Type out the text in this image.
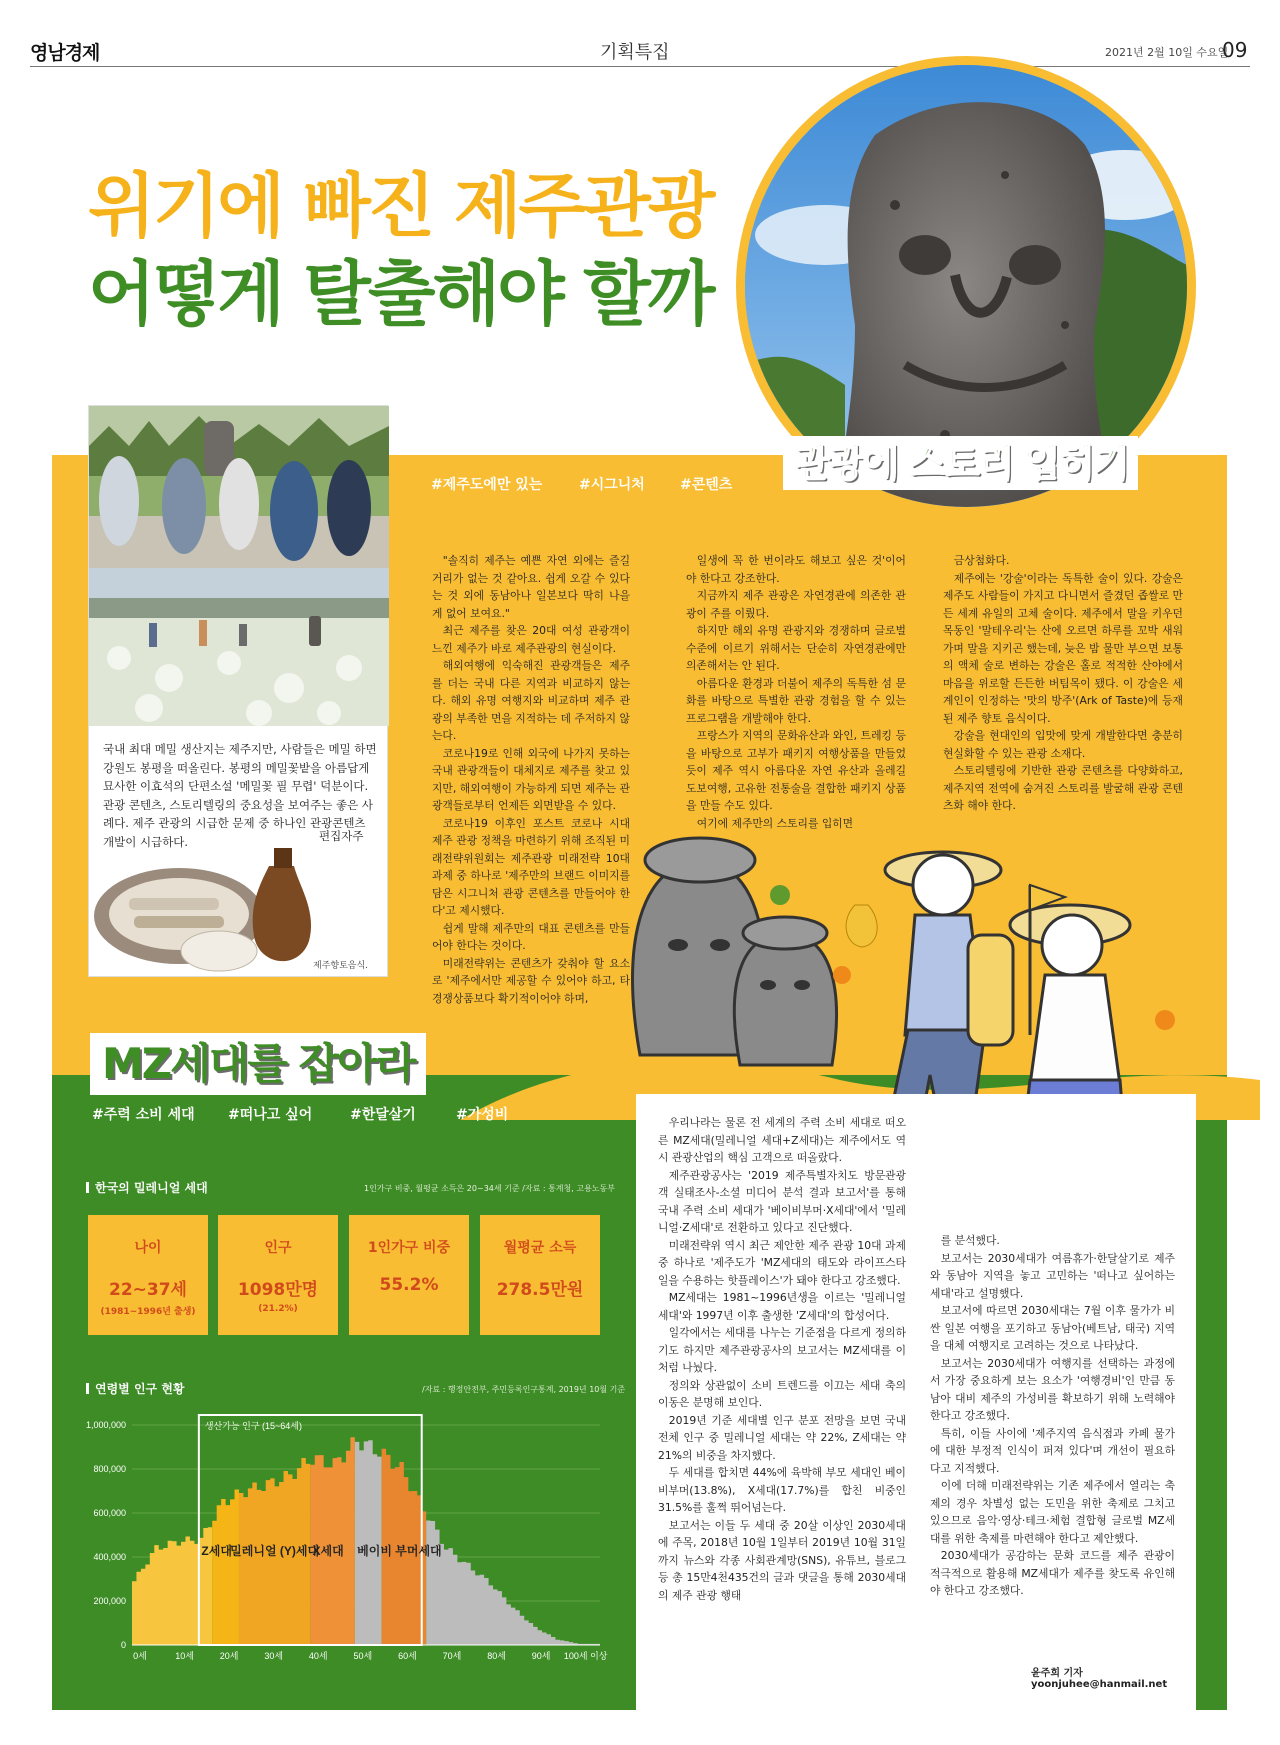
영남경제	기획특집	2021년 2월 10일 수요일
09
위기에 빠진 제주관광
어떻게 탈출해야 할까
관광에 스토리 입히기
국내 최대 메밀 생산지는 제주지만, 사람들은 메밀 하면 강원도 봉평을 떠올린다. 봉평의 메밀꽃밭을 아름답게 묘사한 이효석의 단편소설 '메밀꽃 필 무렵' 덕분이다. 관광 콘텐츠, 스토리텔링의 중요성을 보여주는 좋은 사례다. 제주 관광의 시급한 문제 중 하나인 관광콘텐츠 개발이 시급하다.	편집자주
제주향토음식.
#제주도에만 있는	#시그니처	#콘텐츠

"솔직히 제주는 예쁜 자연 외에는 즐길 거리가 없는 것 같아요. 쉽게 오갈 수 있다는 것 외에 동남아나 일본보다 딱히 나을 게 없어 보여요."

최근 제주를 찾은 20대 여성 관광객이 느낀 제주가 바로 제주관광의 현실이다.

해외여행에 익숙해진 관광객들은 제주를 더는 국내 다른 지역과 비교하지 않는다. 해외 유명 여행지와 비교하며 제주 관광의 부족한 면을 지적하는 데 주저하지 않는다.

코로나19로 인해 외국에 나가지 못하는 국내 관광객들이 대체지로 제주를 찾고 있지만, 해외여행이 가능하게 되면 제주는 관광객들로부터 언제든 외면받을 수 있다.

코로나19 이후인 포스트 코로나 시대 제주 관광 정책을 마련하기 위해 조직된 미래전략위원회는 제주관광 미래전략 10대 과제 중 하나로 '제주만의 브랜드 이미지를 담은 시그니처 관광 콘텐츠를 만들어야 한다'고 제시했다.

쉽게 말해 제주만의 대표 콘텐츠를 만들어야 한다는 것이다.

미래전략위는 콘텐츠가 갖춰야 할 요소로 '제주에서만 제공할 수 있어야 하고, 타 경쟁상품보다 확기적이어야 하며,

일생에 꼭 한 번이라도 해보고 싶은 것'이어야 한다고 강조한다.

지금까지 제주 관광은 자연경관에 의존한 관광이 주를 이뤘다.

하지만 해외 유명 관광지와 경쟁하며 글로벌 수준에 이르기 위해서는 단순히 자연경관에만 의존해서는 안 된다.

아름다운 환경과 더불어 제주의 독특한 섬 문화를 바탕으로 특별한 관광 경험을 할 수 있는 프로그램을 개발해야 한다.

프랑스가 지역의 문화유산과 와인, 트레킹 등을 바탕으로 고부가 패키지 여행상품을 만들었듯이 제주 역시 아름다운 자연 유산과 올레길 도보여행, 고유한 전통술을 결합한 패키지 상품을 만들 수도 있다.

여기에 제주만의 스토리를 입히면

금상첨화다.

제주에는 '강술'이라는 독특한 술이 있다. 강술은 제주도 사람들이 가지고 다니면서 즐겼던 좁쌀로 만든 세계 유일의 고체 술이다. 제주에서 말을 키우던 목동인 '말테우리'는 산에 오르면 하루를 꼬박 새워가며 말을 지키곤 했는데, 늦은 밤 물만 부으면 보통의 액체 술로 변하는 강술은 홀로 적적한 산야에서 마음을 위로할 든든한 버팀목이 됐다. 이 강술은 세계인이 인정하는 '맛의 방주'(Ark of Taste)에 등재된 제주 향토 음식이다.

강술을 현대인의 입맛에 맞게 개발한다면 충분히 현실화할 수 있는 관광 소재다.

스토리텔링에 기반한 관광 콘텐츠를 다양화하고, 제주지역 전역에 숨겨진 스토리를 발굴해 관광 콘텐츠화 해야 한다.

MZ세대를 잡아라
#주력 소비 세대 #떠나고 싶어	#한달살기	#가성비
한국의 밀레니얼 세대	1인가구 비중, 월평균 소득은 20~34세 기준 /자료 : 통계청, 고용노동부
나이
22~37세
(1981~1996년 출생)
인구
1098만명
(21.2%)
1인가구 비중
55.2%
월평균 소득
278.5만원
연령별 인구 현황	/자료 : 행정안전부, 주민등록인구통계, 2019년 10월 기준
1,000,000
800,000
600,000
400,000
200,000
0
생산가능 인구 (15~64세)
Z세대
밀레니얼 (Y)세대
X세대 베이비 부머세대
0세	10세	20세	30세	40세	50세	60세	70세	80세	90세 100세 이상

우리나라는 물론 전 세계의 주력 소비 세대로 떠오른 MZ세대(밀레니얼 세대+Z세대)는 제주에서도 역시 관광산업의 핵심 고객으로 떠올랐다.

제주관광공사는 '2019 제주특별자치도 방문관광객 실태조사-소셜 미디어 분석 결과 보고서'를 통해 국내 주력 소비 세대가 '베이비부머·X세대'에서 '밀레니얼·Z세대'로 전환하고 있다고 진단했다.

미래전략위 역시 최근 제안한 제주 관광 10대 과제 중 하나로 '제주도가 'MZ세대의 태도와 라이프스타일을 수용하는 핫플레이스'가 돼야 한다고 강조했다.

MZ세대는 1981~1996년생을 이르는 '밀레니얼 세대'와 1997년 이후 출생한 'Z세대'의 합성어다.

일각에서는 세대를 나누는 기준점을 다르게 정의하기도 하지만 제주관광공사의 보고서는 MZ세대를 이처럼 나눴다.

정의와 상관없이 소비 트렌드를 이끄는 세대 축의 이동은 분명해 보인다.

2019년 기준 세대별 인구 분포 전망을 보면 국내 전체 인구 중 밀레니얼 세대는 약 22%, Z세대는 약 21%의 비중을 차지했다.

두 세대를 합치면 44%에 육박해 부모 세대인 베이비부머(13.8%), X세대(17.7%)를 합친 비중인 31.5%를 훌쩍 뛰어넘는다.

보고서는 이들 두 세대 중 20살 이상인 2030세대에 주목, 2018년 10월 1일부터 2019년 10월 31일까지 뉴스와 각종 사회관계망(SNS), 유튜브, 블로그 등 총 15만4천435건의 글과 댓글을 통해 2030세대의 제주 관광 행태

를 분석했다.

보고서는 2030세대가 여름휴가·한달살기로 제주와 동남아 지역을 놓고 고민하는 '떠나고 싶어하는 세대'라고 설명했다.

보고서에 따르면 2030세대는 7월 이후 물가가 비싼 일본 여행을 포기하고 동남아(베트남, 태국) 지역을 대체 여행지로 고려하는 것으로 나타났다.

보고서는 2030세대가 여행지를 선택하는 과정에서 가장 중요하게 보는 요소가 '여행경비'인 만큼 동남아 대비 제주의 가성비를 확보하기 위해 노력해야 한다고 강조했다.

특히, 이들 사이에 '제주지역 음식점과 카페 물가에 대한 부정적 인식이 퍼져 있다'며 개선이 필요하다고 지적했다.

이에 더해 미래전략위는 기존 제주에서 열리는 축제의 경우 차별성 없는 도민을 위한 축제로 그치고 있으므로 음악·영상·테크·체험 결합형 글로벌 MZ세대를 위한 축제를 마련해야 한다고 제안했다.

2030세대가 공감하는 문화 코드를 제주 관광이 적극적으로 활용해 MZ세대가 제주를 찾도록 유인해야 한다고 강조했다.

윤주희 기자 yoonjuhee@hanmail.net
